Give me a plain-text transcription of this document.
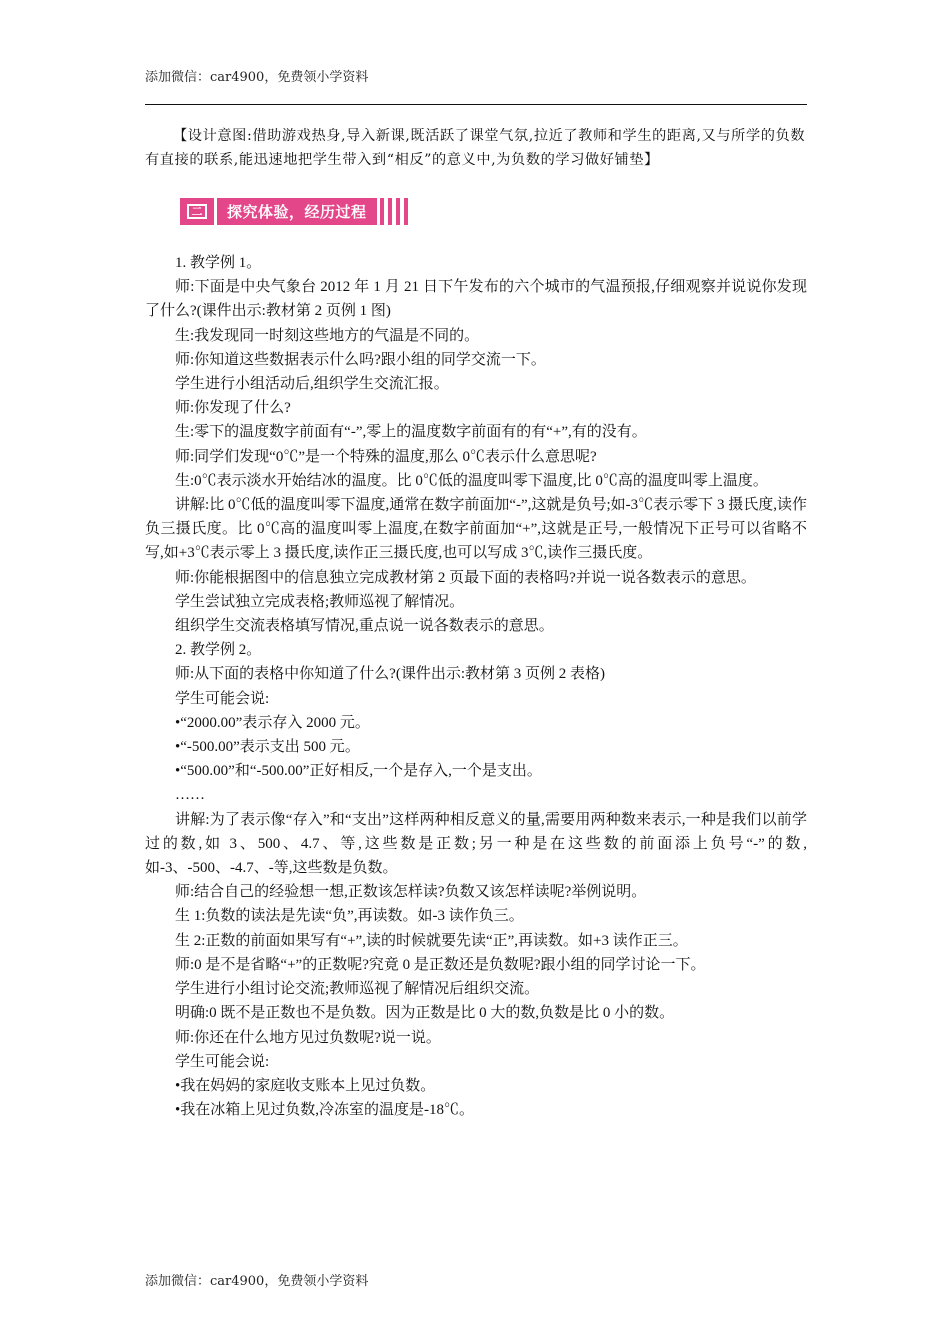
添加微信：car4900，免费领小学资料
【设计意图:借助游戏热身,导入新课,既活跃了课堂气氛,拉近了教师和学生的距离,又与所学的负数有直接的联系,能迅速地把学生带入到“相反”的意义中,为负数的学习做好铺垫】
二	探究体验，经历过程

1. 教学例 1。

师:下面是中央气象台 2012 年 1 月 21 日下午发布的六个城市的气温预报,仔细观察并说说你发现了什么?(课件出示:教材第 2 页例 1 图)

生:我发现同一时刻这些地方的气温是不同的。

师:你知道这些数据表示什么吗?跟小组的同学交流一下。

学生进行小组活动后,组织学生交流汇报。

师:你发现了什么?

生:零下的温度数字前面有“-”,零上的温度数字前面有的有“+”,有的没有。

师:同学们发现“0℃”是一个特殊的温度,那么 0℃表示什么意思呢?

生:0℃表示淡水开始结冰的温度。比 0℃低的温度叫零下温度,比 0℃高的温度叫零上温度。

讲解:比 0℃低的温度叫零下温度,通常在数字前面加“-”,这就是负号;如-3℃表示零下 3 摄氏度,读作负三摄氏度。比 0℃高的温度叫零上温度,在数字前面加“+”,这就是正号,一般情况下正号可以省略不写,如+3℃表示零上 3 摄氏度,读作正三摄氏度,也可以写成 3℃,读作三摄氏度。

师:你能根据图中的信息独立完成教材第 2 页最下面的表格吗?并说一说各数表示的意思。

学生尝试独立完成表格;教师巡视了解情况。

组织学生交流表格填写情况,重点说一说各数表示的意思。

2. 教学例 2。

师:从下面的表格中你知道了什么?(课件出示:教材第 3 页例 2 表格)

学生可能会说:

•“2000.00”表示存入 2000 元。

•“-500.00”表示支出 500 元。

•“500.00”和“-500.00”正好相反,一个是存入,一个是支出。

……

讲解:为了表示像“存入”和“支出”这样两种相反意义的量,需要用两种数来表示,一种是我们以前学过的数,如 3、500、4.7、等,这些数是正数;另一种是在这些数的前面添上负号“-”的数,如-3、-500、-4.7、-等,这些数是负数。

师:结合自己的经验想一想,正数该怎样读?负数又该怎样读呢?举例说明。

生 1:负数的读法是先读“负”,再读数。如-3 读作负三。

生 2:正数的前面如果写有“+”,读的时候就要先读“正”,再读数。如+3 读作正三。

师:0 是不是省略“+”的正数呢?究竟 0 是正数还是负数呢?跟小组的同学讨论一下。

学生进行小组讨论交流;教师巡视了解情况后组织交流。

明确:0 既不是正数也不是负数。因为正数是比 0 大的数,负数是比 0 小的数。

师:你还在什么地方见过负数呢?说一说。

学生可能会说:

•我在妈妈的家庭收支账本上见过负数。

•我在冰箱上见过负数,冷冻室的温度是-18℃。

添加微信：car4900，免费领小学资料
